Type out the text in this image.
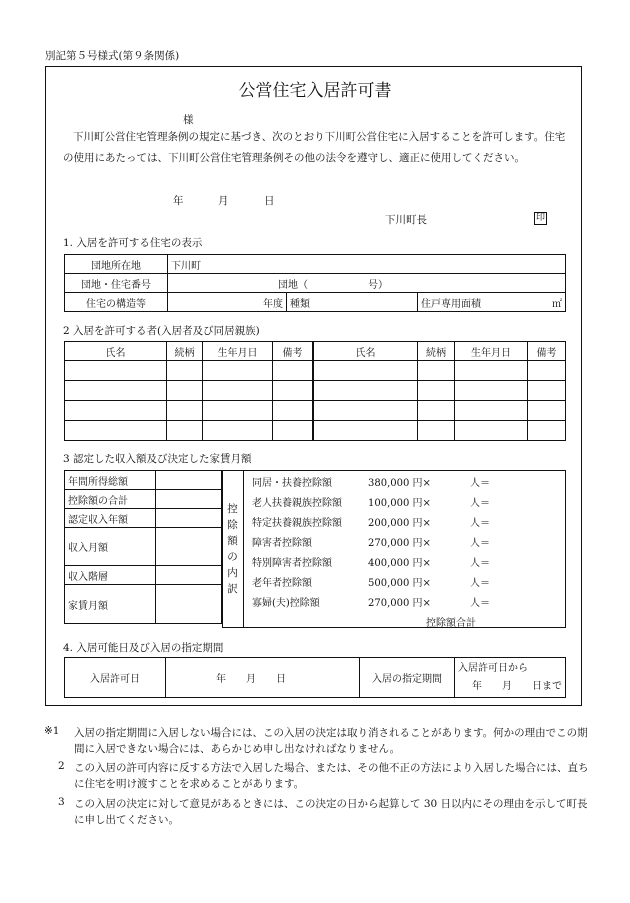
別記第５号様式(第９条関係)
公営住宅入居許可書
様
下川町公営住宅管理条例の規定に基づき、次のとおり下川町公営住宅に入居することを許可します。住宅の使用にあたっては、下川町公営住宅管理条例その他の法令を遵守し、適正に使用してください。
年	月	日
下川町長	印
1. 入居を許可する住宅の表示
団地所在地	下川町			
団地・住宅番号	団地（ 号）			
住宅の構造等	年度	種類	住戸専用面積	㎡
2 入居を許可する者(入居者及び同居親族)
氏名	続柄	生年月日	備考	氏名	続柄	生年月日	備考

3 認定した収入額及び決定した家賃月額
年間所得総額	
控除額の合計	
認定収入年額	
収入月額	
収入階層	
家賃月額	
控
除
額
の
内
訳
同居・扶養控除額	380,000 円×	人＝
老人扶養親族控除額	100,000 円×	人＝
特定扶養親族控除額	200,000 円×	人＝
障害者控除額	270,000 円×	人＝
特別障害者控除額	400,000 円×	人＝
老年者控除額	500,000 円×	人＝
寡婦(夫)控除額	270,000 円×	人＝
控除額合計
4. 入居可能日及び入居の指定期間
入居許可日	年　　月　　日	入居の指定期間	
入居許可日から
年　　月　　日まで
※1 入居の指定期間に入居しない場合には、この入居の決定は取り消されることがあります。何かの理由でこの期間に入居できない場合には、あらかじめ申し出なければなりません。
2 この入居の許可内容に反する方法で入居した場合、または、その他不正の方法により入居した場合には、直ちに住宅を明け渡すことを求めることがあります。
3 この入居の決定に対して意見があるときには、この決定の日から起算して 30 日以内にその理由を示して町長に申し出てください。
